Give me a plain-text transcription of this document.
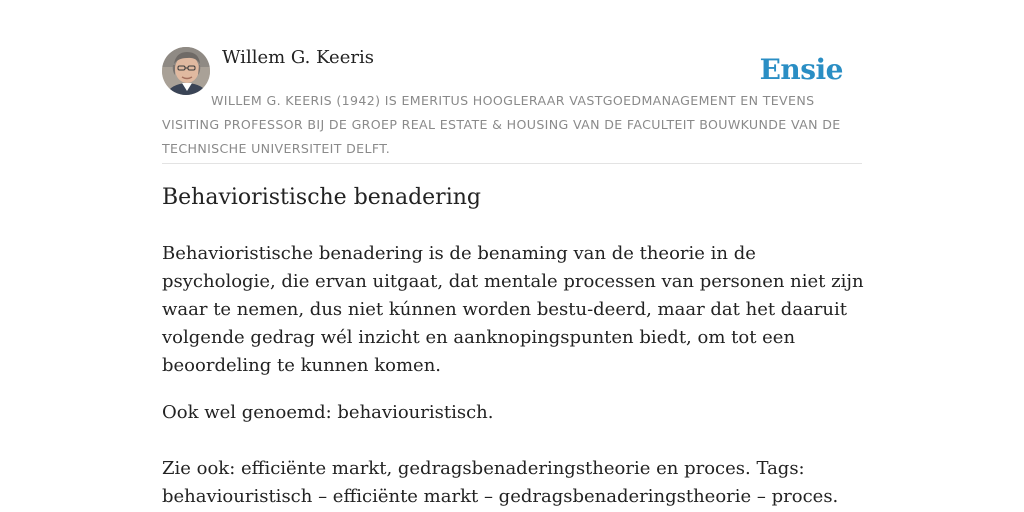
Willem G. Keeris	Ensie

WILLEM G. KEERIS (1942) IS EMERITUS HOOGLERAAR VASTGOEDMANAGEMENT EN TEVENS VISITING PROFESSOR BIJ DE GROEP REAL ESTATE & HOUSING VAN DE FACULTEIT BOUWKUNDE VAN DE TECHNISCHE UNIVERSITEIT DELFT.

Behavioristische benadering

Behavioristische benadering is de benaming van de theorie in de psychologie, die ervan uitgaat, dat mentale processen van personen niet zijn waar te nemen, dus niet kúnnen worden bestu-deerd, maar dat het daaruit volgende gedrag wél inzicht en aanknopingspunten biedt, om tot een beoordeling te kunnen komen.

Ook wel genoemd: behaviouristisch.

Zie ook: efficiënte markt, gedragsbenaderingstheorie en proces. Tags: behaviouristisch – efficiënte markt – gedragsbenaderingstheorie – proces.
